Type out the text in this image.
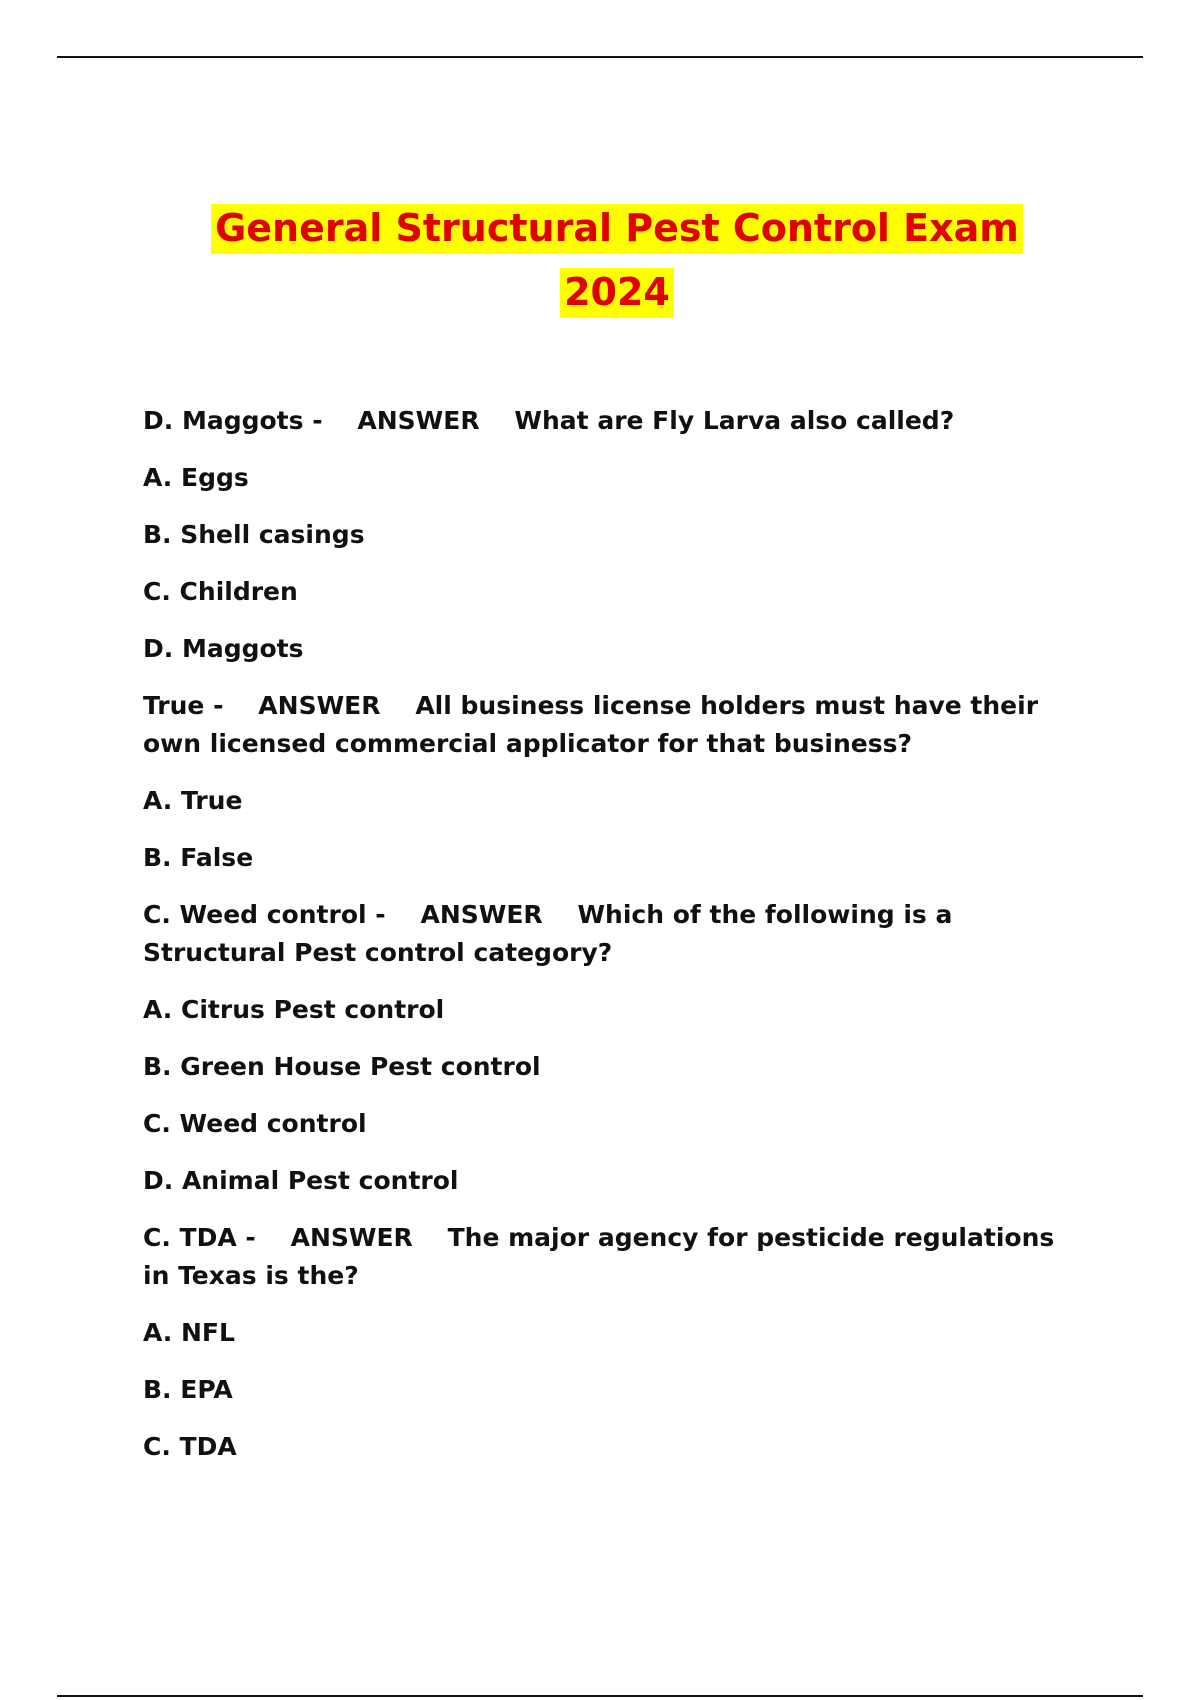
General Structural Pest Control Exam
2024

D. Maggots -    ANSWER What are Fly Larva also called?

A. Eggs

B. Shell casings

C. Children

D. Maggots

True -    ANSWER All business license holders must have their own licensed commercial applicator for that business?

A. True

B. False

C. Weed control -    ANSWER Which of the following is a Structural Pest control category?

A. Citrus Pest control

B. Green House Pest control

C. Weed control

D. Animal Pest control

C. TDA -    ANSWER The major agency for pesticide regulations in Texas is the?

A. NFL

B. EPA

C. TDA
